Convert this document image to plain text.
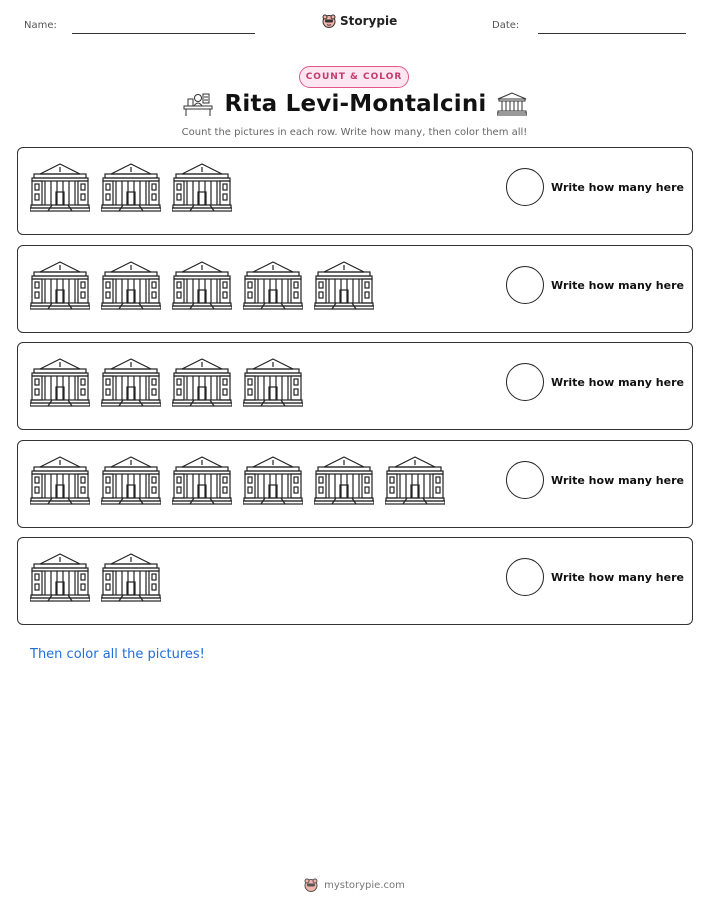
Name:	Storypie	Date:
COUNT & COLOR
Rita Levi-Montalcini
Count the pictures in each row. Write how many, then color them all!
Write how many here
Write how many here
Write how many here
Write how many here
Write how many here
Then color all the pictures!
mystorypie.com
